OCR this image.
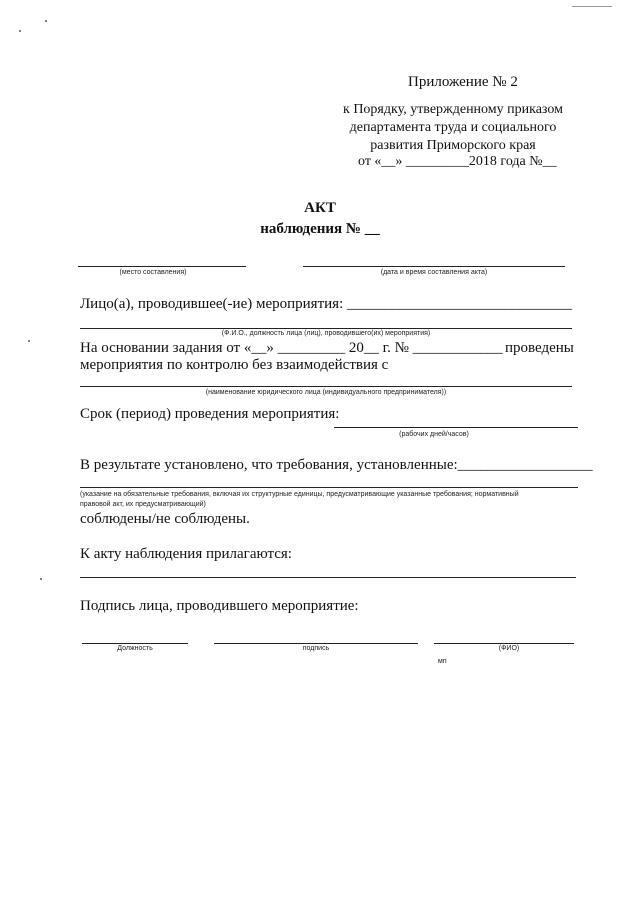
Приложение № 2
к Порядку, утвержденному приказом
департамента труда и социального
развития Приморского края
от «__» _________2018 года №__
АКТ
наблюдения № __
(место составления)	(дата и время составления акта)
Лицо(а), проводившее(-ие) мероприятия: ______________________________
(Ф.И.О., должность лица (лиц), проводившего(их) мероприятия)
На основании задания от «__» _________ 20__ г. № ____________ проведены
мероприятия по контролю без взаимодействия с
(наименование юридического лица (индивидуального предпринимателя))
Срок (период) проведения мероприятия:
(рабочих дней/часов)
В результате установлено, что требования, установленные:__________________
(указание на обязательные требования, включая их структурные единицы, предусматривающие указанные требования; нормативный
правовой акт, их предусматривающий)
соблюдены/не соблюдены.
К акту наблюдения прилагаются:
Подпись лица, проводившего мероприятие:
Должность	подпись	(ФИО)
мп
